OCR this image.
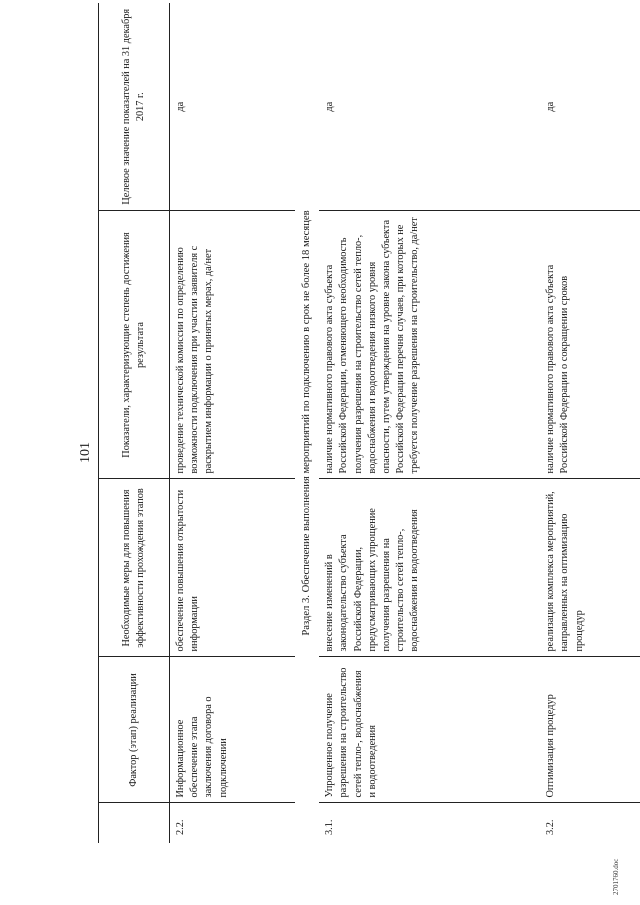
101
	Фактор (этап) реализации	Необходимые меры для повышения эффективности прохождения этапов	Показатели, характеризующие степень достижения результата	Целевое значение показателей на 31 декабря 2017 г.
2.2.	Информационное обеспечение этапа заключения договора о подключении	обеспечение повышения открытости информации	проведение технической комиссии по определению возможности подключения при участии заявителя с раскрытием информации о принятых мерах, да/нет	да
Раздел 3. Обеспечение выполнения мероприятий по подключению в срок не более 18 месяцев				
3.1.	Упрощенное получение разрешения на строительство сетей тепло-, водоснабжения и водоотведения	внесение изменений в законодательство субъекта Российской Федерации, предусматривающих упрощение получения разрешения на строительство сетей тепло-, водоснабжения и водоотведения	наличие нормативного правового акта субъекта Российской Федерации, отменяющего необходимость получения разрешения на строительство сетей тепло-, водоснабжения и водоотведения низкого уровня опасности, путем утверждения на уровне закона субъекта Российской Федерации перечня случаев, при которых не требуется получение разрешения на строительство, да/нет	да
3.2.	Оптимизация процедур	реализация комплекса мероприятий, направленных на оптимизацию процедур	наличие нормативного правового акта субъекта Российской Федерации о сокращении сроков	да
2701760.doc
